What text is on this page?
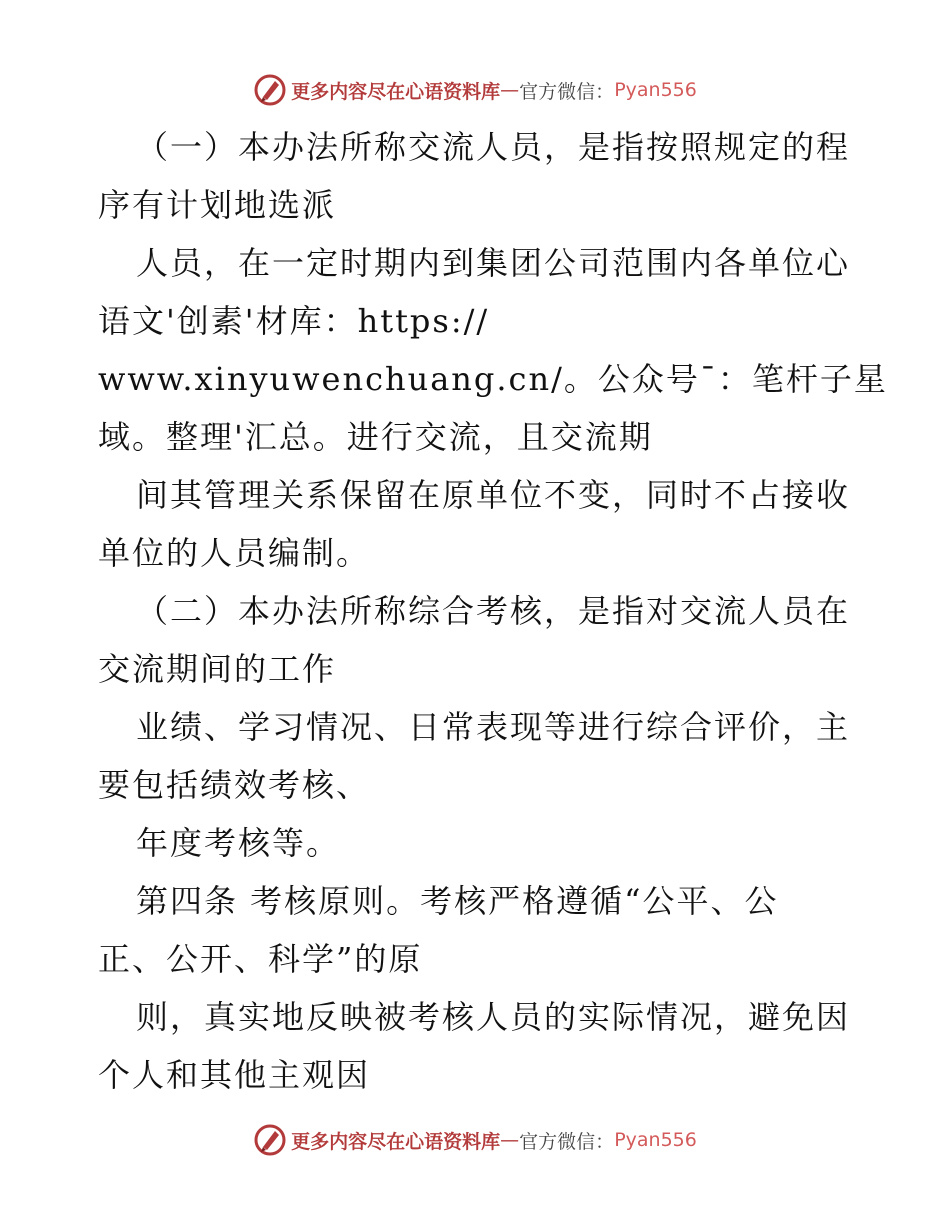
更多内容尽在心语资料库 — 官方微信： Pyan556
（一）本办法所称交流人员，是指按照规定的程
序有计划地选派
人员，在一定时期内到集团公司范围内各单位心
语文'创素'材库：https://
www.xinyuwenchuang.cn/。公众号¯：笔杆子星
域。整理'汇总。进行交流，且交流期
间其管理关系保留在原单位不变，同时不占接收
单位的人员编制。
（二）本办法所称综合考核，是指对交流人员在
交流期间的工作
业绩、学习情况、日常表现等进行综合评价，主
要包括绩效考核、
年度考核等。
第四条 考核原则。考核严格遵循“公平、公
正、公开、科学”的原
则，真实地反映被考核人员的实际情况，避免因
个人和其他主观因
更多内容尽在心语资料库 — 官方微信： Pyan556
